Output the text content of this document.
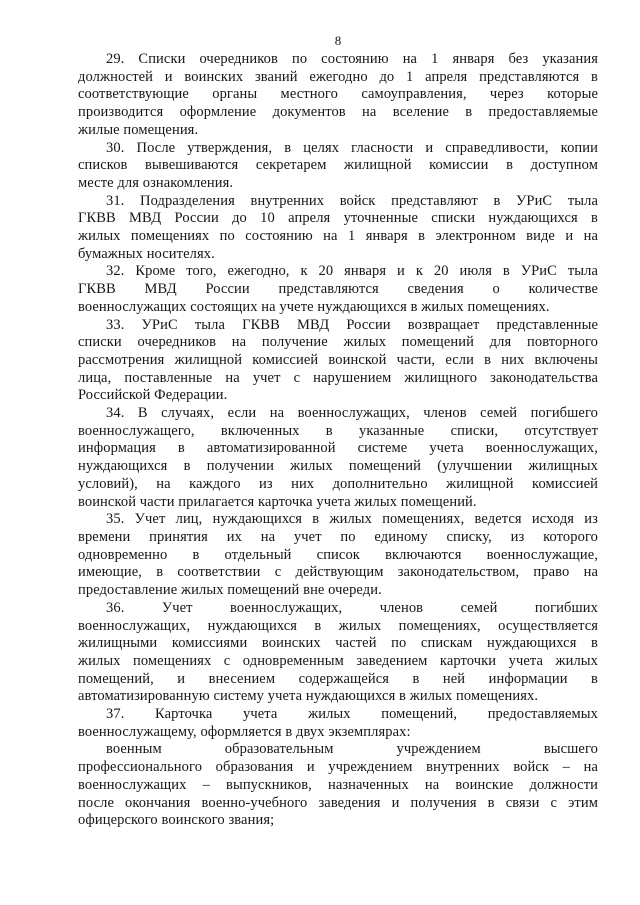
8
29. Списки очередников по состоянию на 1 января без указания
должностей и воинских званий ежегодно до 1 апреля представляются в
соответствующие органы местного самоуправления, через которые
производится оформление документов на вселение в предоставляемые
жилые помещения.
30. После утверждения, в целях гласности и справедливости, копии
списков вывешиваются секретарем жилищной комиссии в доступном
месте для ознакомления.
31. Подразделения внутренних войск представляют в УРиС тыла
ГКВВ МВД России до 10 апреля уточненные списки нуждающихся в
жилых помещениях по состоянию на 1 января в электронном виде и на
бумажных носителях.
32. Кроме того, ежегодно, к 20 января и к 20 июля в УРиС тыла
ГКВВ МВД России представляются сведения о количестве
военнослужащих состоящих на учете нуждающихся в жилых помещениях.
33. УРиС тыла ГКВВ МВД России возвращает представленные
списки очередников на получение жилых помещений для повторного
рассмотрения жилищной комиссией воинской части, если в них включены
лица, поставленные на учет с нарушением жилищного законодательства
Российской Федерации.
34. В случаях, если на военнослужащих, членов семей погибшего
военнослужащего, включенных в указанные списки, отсутствует
информация в автоматизированной системе учета военнослужащих,
нуждающихся в получении жилых помещений (улучшении жилищных
условий), на каждого из них дополнительно жилищной комиссией
воинской части прилагается карточка учета жилых помещений.
35. Учет лиц, нуждающихся в жилых помещениях, ведется исходя из
времени принятия их на учет по единому списку, из которого
одновременно в отдельный список включаются военнослужащие,
имеющие, в соответствии с действующим законодательством, право на
предоставление жилых помещений вне очереди.
36. Учет военнослужащих, членов семей погибших
военнослужащих, нуждающихся в жилых помещениях, осуществляется
жилищными комиссиями воинских частей по спискам нуждающихся в
жилых помещениях с одновременным заведением карточки учета жилых
помещений, и внесением содержащейся в ней информации в
автоматизированную систему учета нуждающихся в жилых помещениях.
37. Карточка учета жилых помещений, предоставляемых
военнослужащему, оформляется в двух экземплярах:
военным образовательным учреждением высшего
профессионального образования и учреждением внутренних войск – на
военнослужащих – выпускников, назначенных на воинские должности
после окончания военно-учебного заведения и получения в связи с этим
офицерского воинского звания;
